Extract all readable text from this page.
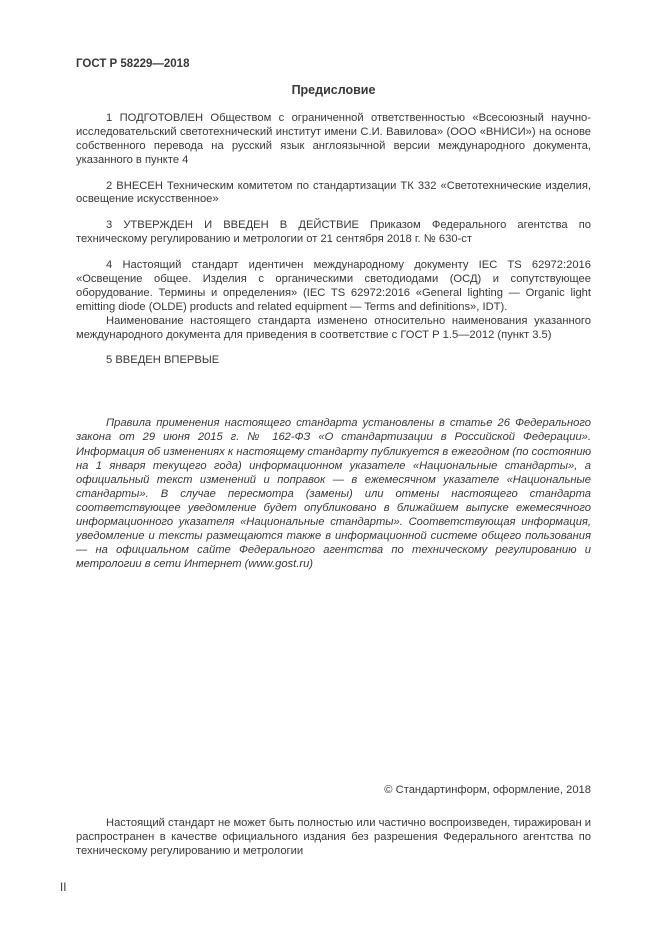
ГОСТ Р 58229—2018
Предисловие

1 ПОДГОТОВЛЕН Обществом с ограниченной ответственностью «Всесоюзный научно-исследовательский светотехнический институт имени С.И. Вавилова» (ООО «ВНИСИ») на основе собственного перевода на русский язык англоязычной версии международного документа, указанного в пункте 4

2 ВНЕСЕН Техническим комитетом по стандартизации ТК 332 «Светотехнические изделия, освещение искусственное»

3 УТВЕРЖДЕН И ВВЕДЕН В ДЕЙСТВИЕ Приказом Федерального агентства по техническому регулированию и метрологии от 21 сентября 2018 г. № 630-ст

4 Настоящий стандарт идентичен международному документу IEC TS 62972:2016 «Освещение общее. Изделия с органическими светодиодами (ОСД) и сопутствующее оборудование. Термины и определения» (IEC TS 62972:2016 «General lighting — Organic light emitting diode (OLDE) products and related equipment — Terms and definitions», IDT).

Наименование настоящего стандарта изменено относительно наименования указанного международного документа для приведения в соответствие с ГОСТ Р 1.5—2012 (пункт 3.5)

5 ВВЕДЕН ВПЕРВЫЕ

Правила применения настоящего стандарта установлены в статье 26 Федерального закона от 29 июня 2015 г. № 162-ФЗ «О стандартизации в Российской Федерации». Информация об изменениях к настоящему стандарту публикуется в ежегодном (по состоянию на 1 января текущего года) информационном указателе «Национальные стандарты», а официальный текст изменений и поправок — в ежемесячном указателе «Национальные стандарты». В случае пересмотра (замены) или отмены настоящего стандарта соответствующее уведомление будет опубликовано в ближайшем выпуске ежемесячного информационного указателя «Национальные стандарты». Соответствующая информация, уведомление и тексты размещаются также в информационной системе общего пользования — на официальном сайте Федерального агентства по техническому регулированию и метрологии в сети Интернет (www.gost.ru)

© Стандартинформ, оформление, 2018

Настоящий стандарт не может быть полностью или частично воспроизведен, тиражирован и распространен в качестве официального издания без разрешения Федерального агентства по техническому регулированию и метрологии

II
